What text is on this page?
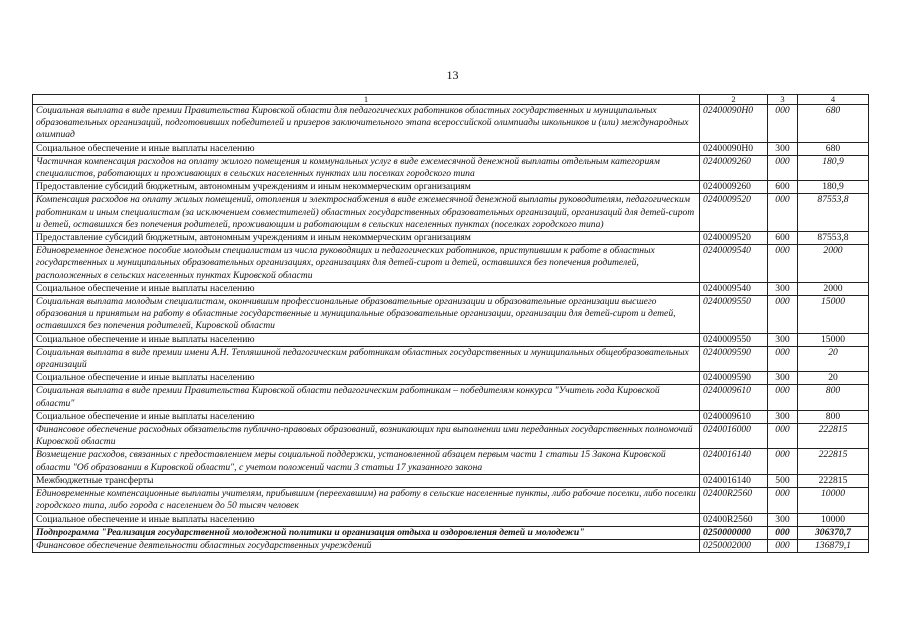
13
1	2	3	4
Социальная выплата в виде премии Правительства Кировской области для педагогических работников областных государственных и муниципальных образовательных организаций, подготовивших победителей и призеров заключительного этапа всероссийской олимпиады школьников и (или) международных олимпиад	02400090Н0	000	680
Социальное обеспечение и иные выплаты населению	02400090Н0	300	680
Частичная компенсация расходов на оплату жилого помещения и коммунальных услуг в виде ежемесячной денежной выплаты отдельным категориям специалистов, работающих и проживающих в сельских населенных пунктах или поселках городского типа	0240009260	000	180,9
Предоставление субсидий бюджетным, автономным учреждениям и иным некоммерческим организациям	0240009260	600	180,9
Компенсация расходов на оплату жилых помещений, отопления и электроснабжения в виде ежемесячной денежной выплаты руководителям, педагогическим работникам и иным специалистам (за исключением совместителей) областных государственных образовательных организаций, организаций для детей-сирот и детей, оставшихся без попечения родителей, проживающим и работающим в сельских населенных пунктах (поселках городского типа)	0240009520	000	87553,8
Предоставление субсидий бюджетным, автономным учреждениям и иным некоммерческим организациям	0240009520	600	87553,8
Единовременное денежное пособие молодым специалистам из числа руководящих и педагогических работников, приступившим к работе в областных государственных и муниципальных образовательных организациях, организациях для детей-сирот и детей, оставшихся без попечения родителей, расположенных в сельских населенных пунктах Кировской области	0240009540	000	2000
Социальное обеспечение и иные выплаты населению	0240009540	300	2000
Социальная выплата молодым специалистам, окончившим профессиональные образовательные организации и образовательные организации высшего образования и принятым на работу в областные государственные и муниципальные образовательные организации, организации для детей-сирот и детей, оставшихся без попечения родителей, Кировской области	0240009550	000	15000
Социальное обеспечение и иные выплаты населению	0240009550	300	15000
Социальная выплата в виде премии имени А.Н. Тепляшиной педагогическим работникам областных государственных и муниципальных общеобразовательных организаций	0240009590	000	20
Социальное обеспечение и иные выплаты населению	0240009590	300	20
Социальная выплата в виде премии Правительства Кировской области педагогическим работникам – победителям конкурса "Учитель года Кировской области"	0240009610	000	800
Социальное обеспечение и иные выплаты населению	0240009610	300	800
Финансовое обеспечение расходных обязательств публично-правовых образований, возникающих при выполнении ими переданных государственных полномочий Кировской области	0240016000	000	222815
Возмещение расходов, связанных с предоставлением меры социальной поддержки, установленной абзацем первым части 1 статьи 15 Закона Кировской области "Об образовании в Кировской области", с учетом положений части 3 статьи 17 указанного закона	0240016140	000	222815
Межбюджетные трансферты	0240016140	500	222815
Единовременные компенсационные выплаты учителям, прибывшим (переехавшим) на работу в сельские населенные пункты, либо рабочие поселки, либо поселки городского типа, либо города с населением до 50 тысяч человек	02400R2560	000	10000
Социальное обеспечение и иные выплаты населению	02400R2560	300	10000
Подпрограмма "Реализация государственной молодежной политики и организация отдыха и оздоровления детей и молодежи"	0250000000	000	306370,7
Финансовое обеспечение деятельности областных государственных учреждений	0250002000	000	136879,1
